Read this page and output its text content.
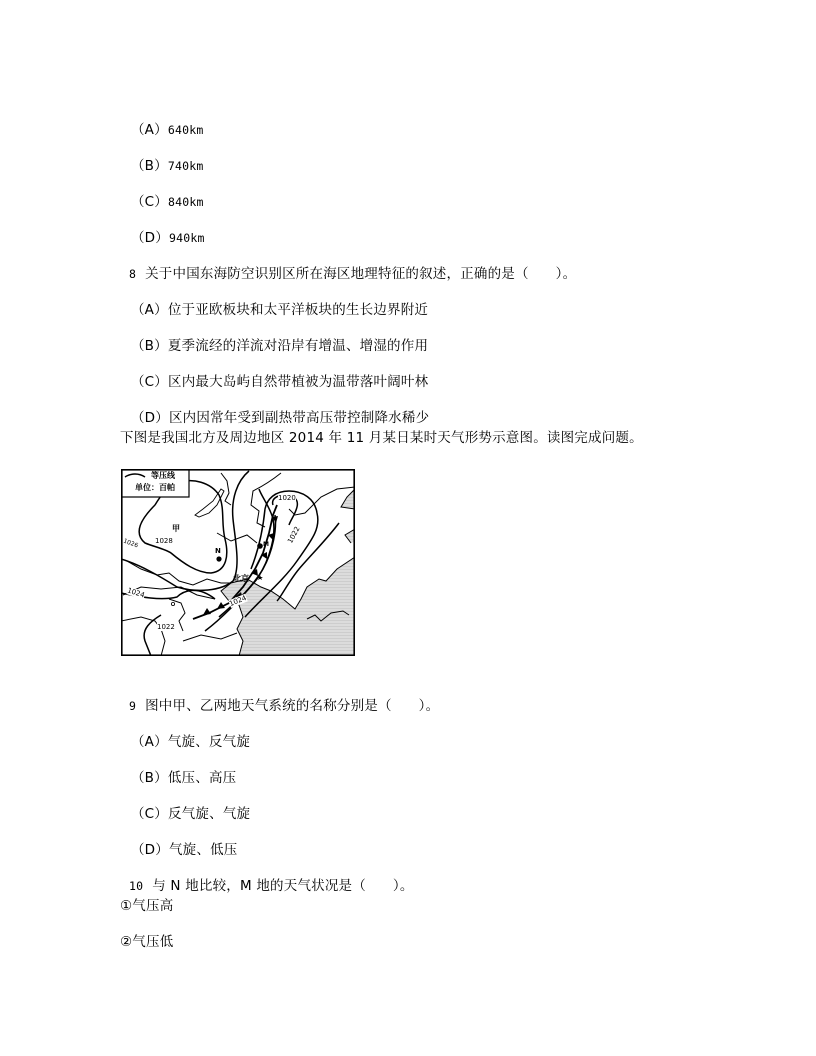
（A）640km

（B）740km

（C）840km

（D）940km

8 关于中国东海防空识别区所在海区地理特征的叙述，正确的是（      ）。

（A）位于亚欧板块和太平洋板块的生长边界附近

（B）夏季流经的洋流对沿岸有增温、增湿的作用

（C）区内最大岛屿自然带植被为温带落叶阔叶林

（D）区内因常年受到副热带高压带控制降水稀少

下图是我国北方及周边地区 2014 年 11 月某日某时天气形势示意图。读图完成问题。
等压线
单位：百帕
甲
N
M
北京
1028
1026
1024
1024
1022
1022
1020

9 图中甲、乙两地天气系统的名称分别是（      ）。

（A）气旋、反气旋

（B）低压、高压

（C）反气旋、气旋

（D）气旋、低压

10 与 N 地比较，M 地的天气状况是（      ）。

①气压高
②气压低
